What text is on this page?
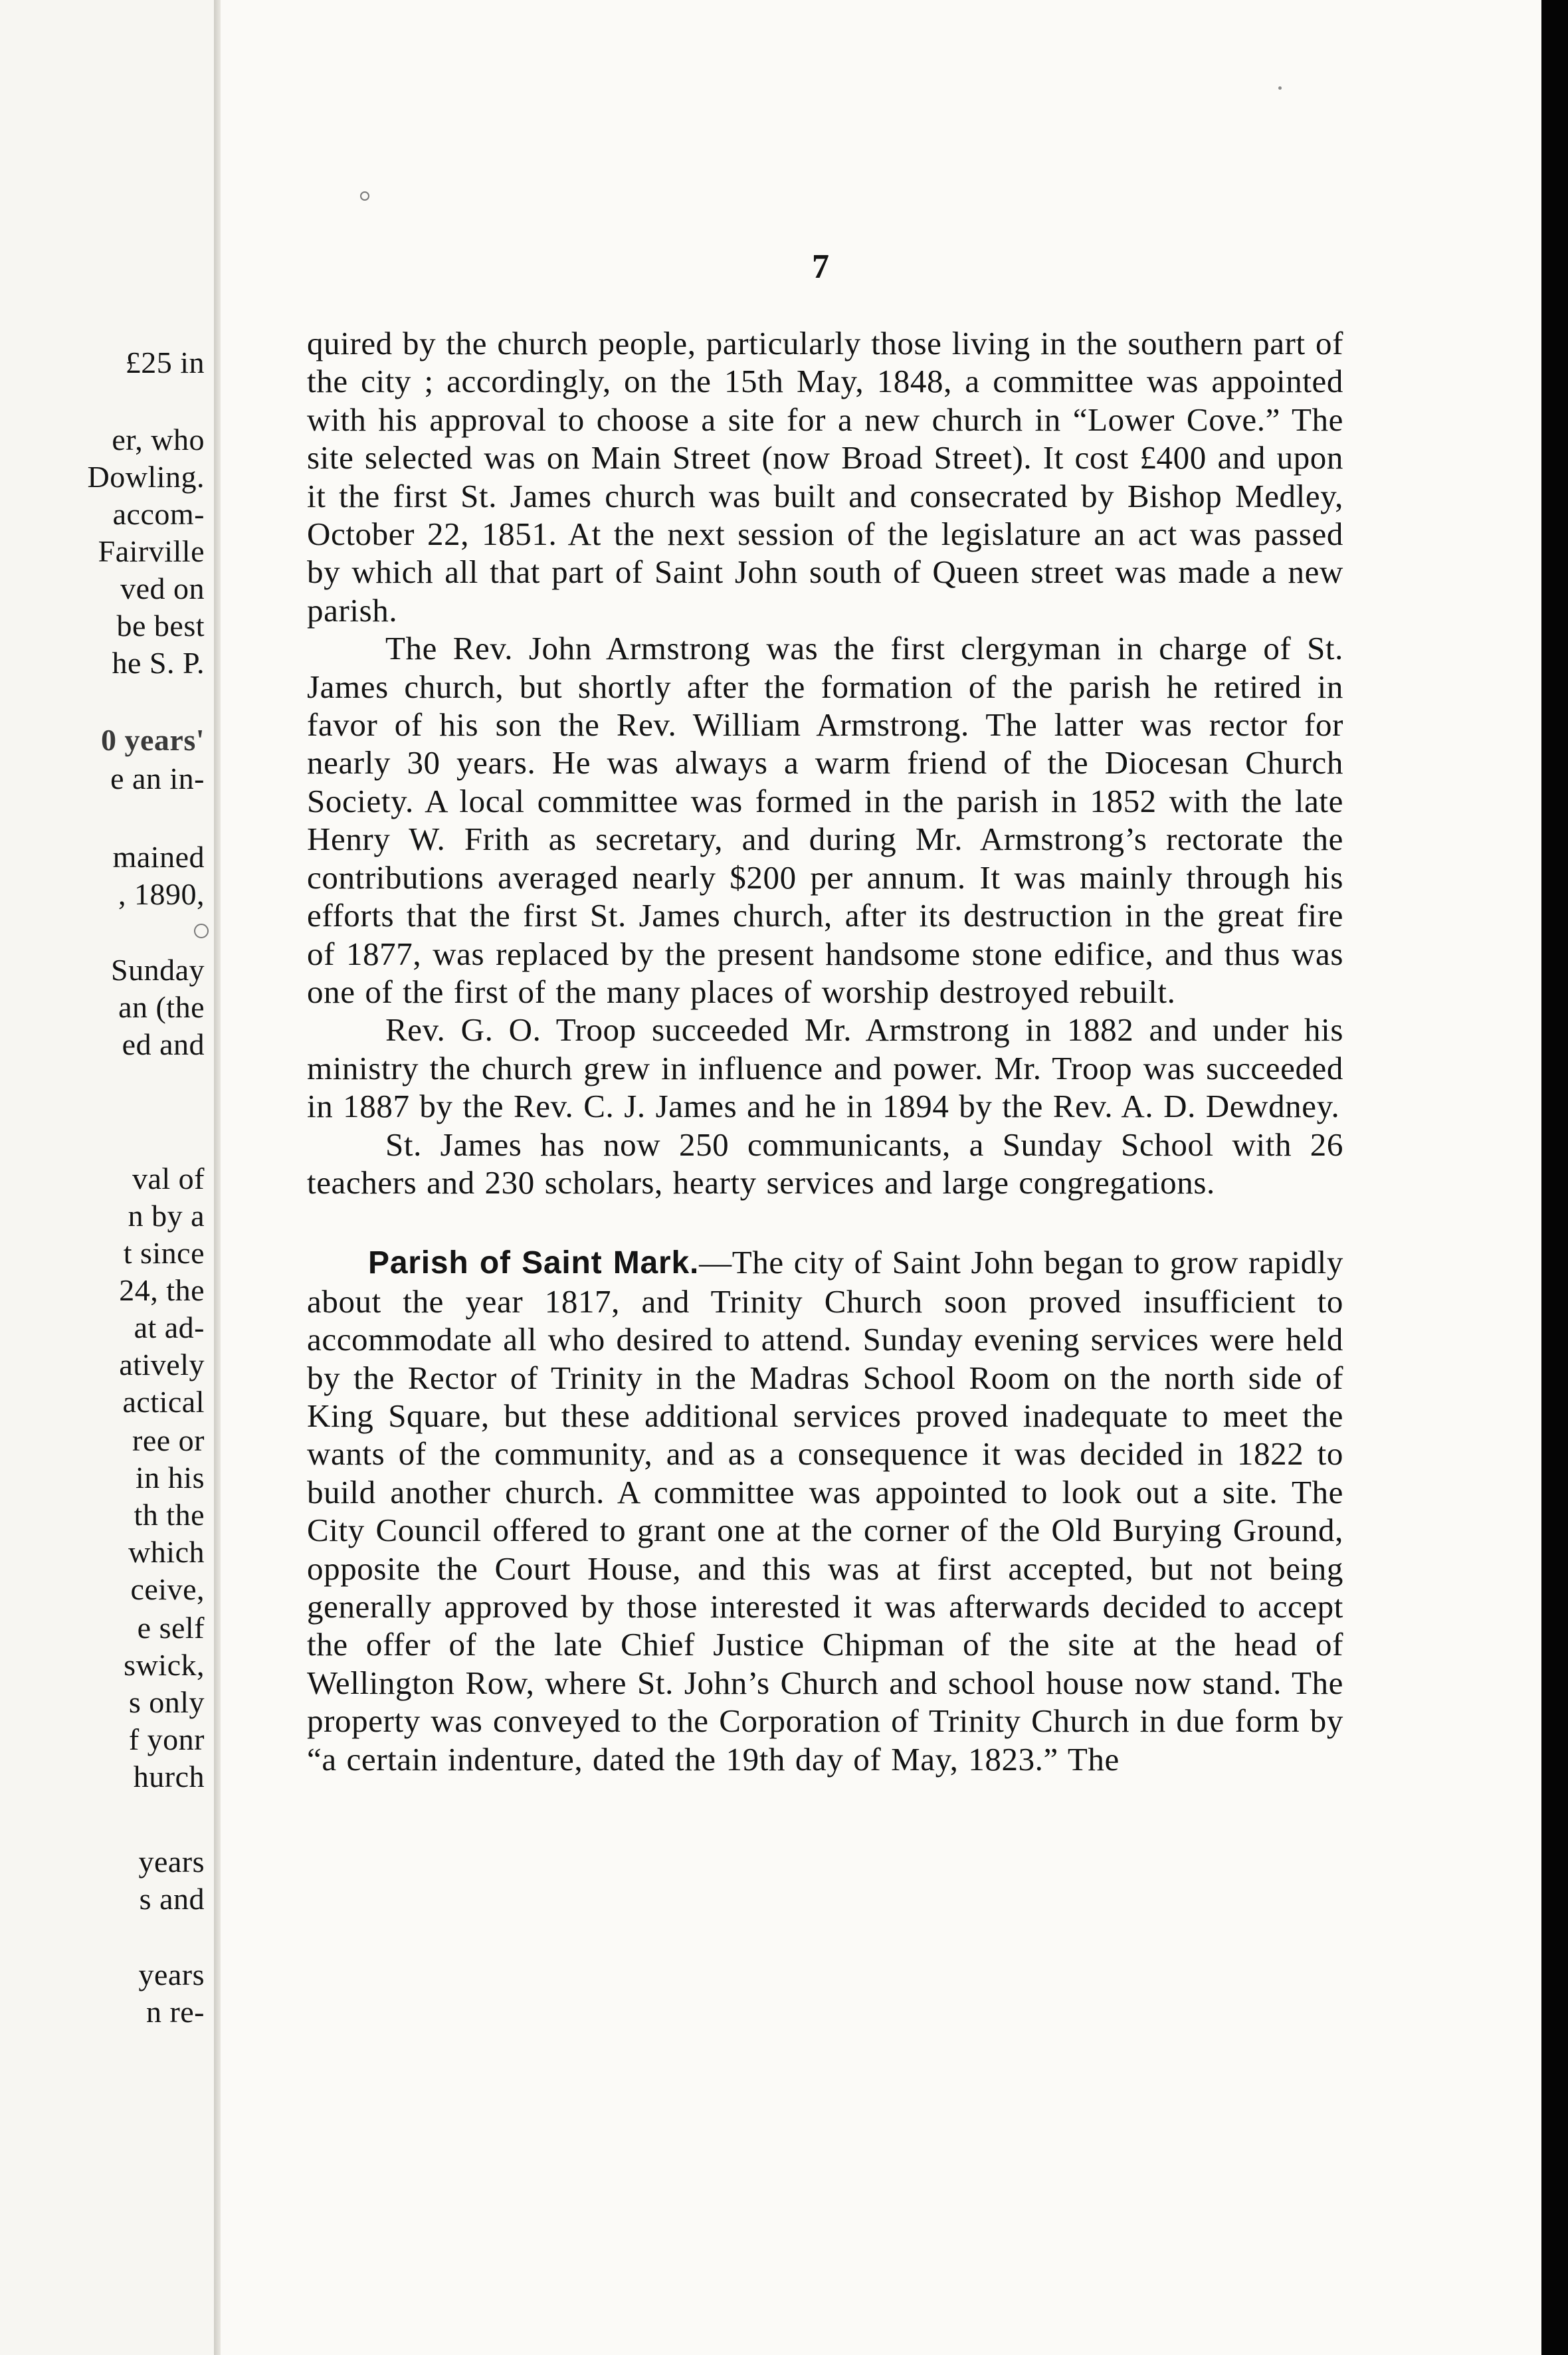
£25 in
er, who
Dowling.
accom-
Fairville
ved on
be best
he S. P.
0 years'
e an in-
mained
, 1890,
Sunday
an (the
ed and
val of
n by a
t since
24, the
at ad-
atively
actical
ree or
in his
th the
which
ceive,
e self
swick,
s only
f yonr
hurch
years
s and
years
n re-
7

quired by the church people, particularly those living in the southern part of the city ; accordingly, on the 15th May, 1848, a committee was appointed with his approval to choose a site for a new church in “Lower Cove.” The site selected was on Main Street (now Broad Street). It cost £400 and upon it the first St. James church was built and consecrated by Bishop Medley, October 22, 1851. At the next session of the legislature an act was passed by which all that part of Saint John south of Queen street was made a new parish.

The Rev. John Armstrong was the first clergyman in charge of St. James church, but shortly after the formation of the parish he retired in favor of his son the Rev. William Armstrong. The latter was rector for nearly 30 years. He was always a warm friend of the Diocesan Church Society. A local committee was formed in the parish in 1852 with the late Henry W. Frith as secretary, and during Mr. Armstrong’s rectorate the contributions averaged nearly $200 per annum. It was mainly through his efforts that the first St. James church, after its destruction in the great fire of 1877, was replaced by the present handsome stone edifice, and thus was one of the first of the many places of worship destroyed rebuilt.

Rev. G. O. Troop succeeded Mr. Armstrong in 1882 and under his ministry the church grew in influence and power. Mr. Troop was succeeded in 1887 by the Rev. C. J. James and he in 1894 by the Rev. A. D. Dewdney.

St. James has now 250 communicants, a Sunday School with 26 teachers and 230 scholars, hearty services and large congregations.

Parish of Saint Mark.—The city of Saint John began to grow rapidly about the year 1817, and Trinity Church soon proved insufficient to accommodate all who desired to attend. Sunday evening services were held by the Rector of Trinity in the Madras School Room on the north side of King Square, but these additional services proved inadequate to meet the wants of the community, and as a consequence it was decided in 1822 to build another church. A committee was appointed to look out a site. The City Council offered to grant one at the corner of the Old Burying Ground, opposite the Court House, and this was at first accepted, but not being generally approved by those interested it was afterwards decided to accept the offer of the late Chief Justice Chipman of the site at the head of Wellington Row, where St. John’s Church and school house now stand. The property was conveyed to the Corporation of Trinity Church in due form by “a certain indenture, dated the 19th day of May, 1823.” The
